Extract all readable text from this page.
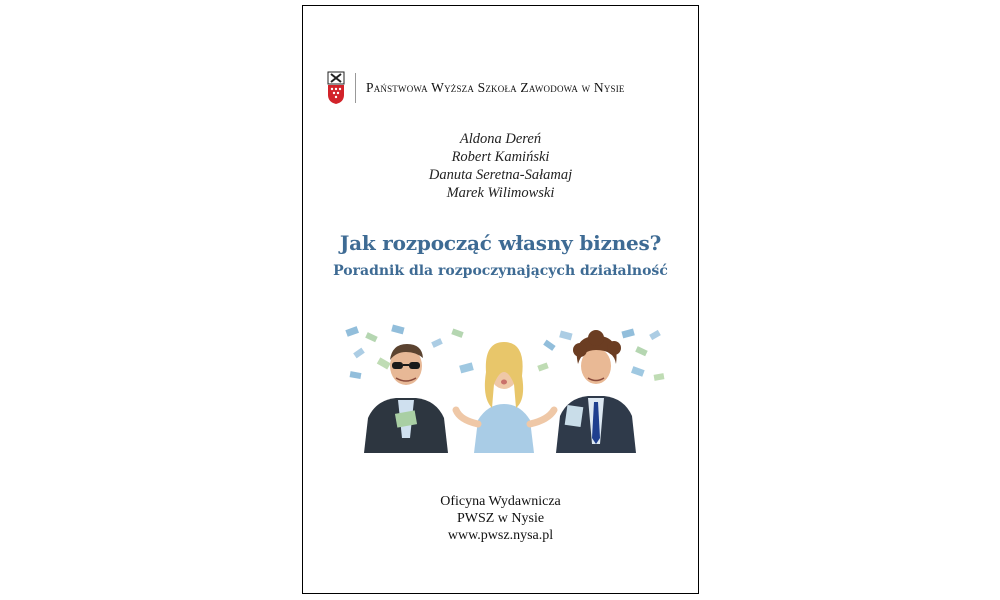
Państwowa Wyższa Szkoła Zawodowa w Nysie
Aldona Dereń
Robert Kamiński
Danuta Seretna-Sałamaj
Marek Wilimowski
Jak rozpocząć własny biznes?
Poradnik dla rozpoczynających działalność
Oficyna Wydawnicza
PWSZ w Nysie
www.pwsz.nysa.pl
